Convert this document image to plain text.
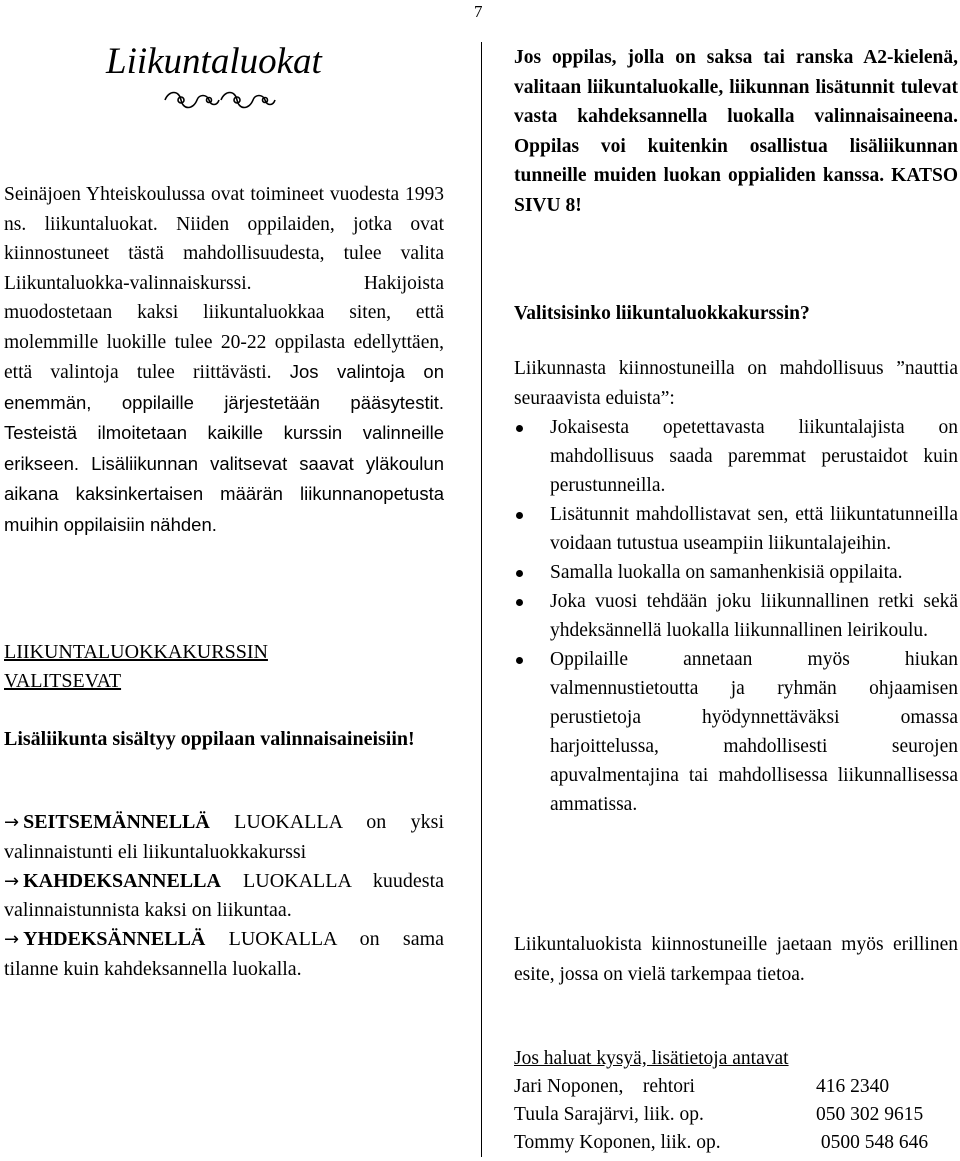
7
Liikuntaluokat

Seinäjoen Yhteiskoulussa ovat toimineet vuodesta 1993 ns. liikuntaluokat. Niiden oppilaiden, jotka ovat kiinnostuneet tästä mahdollisuudesta, tulee valita Liikuntaluokka-valinnaiskurssi. Hakijoista muodostetaan kaksi liikuntaluokkaa siten, että molemmille luokille tulee 20-22 oppilasta edellyttäen, että valintoja tulee riittävästi. Jos valintoja on enemmän, oppilaille järjestetään pääsytestit. Testeistä ilmoitetaan kaikille kurssin valinneille erikseen. Lisäliikunnan valitsevat saavat yläkoulun aikana kaksinkertaisen määrän liikunnanopetusta muihin oppilaisiin nähden.

LIIKUNTALUOKKAKURSSIN VALITSEVAT

Lisäliikunta sisältyy oppilaan valinnaisaineisiin!

→ SEITSEMÄNNELLÄ LUOKALLA on yksi valinnaistunti eli liikuntaluokkakurssi

→ KAHDEKSANNELLA LUOKALLA kuudesta valinnaistunnista kaksi on liikuntaa.

→ YHDEKSÄNNELLÄ LUOKALLA on sama tilanne kuin kahdeksannella luokalla.

Jos oppilas, jolla on saksa tai ranska A2-kielenä, valitaan liikuntaluokalle, liikunnan lisätunnit tulevat vasta kahdeksannella luokalla valinnaisaineena. Oppilas voi kuitenkin osallistua lisäliikunnan tunneille muiden luokan oppialiden kanssa. KATSO SIVU 8!

Valitsisinko liikuntaluokkakurssin?

Liikunnasta kiinnostuneilla on mahdollisuus ”nauttia seuraavista eduista”:

Jokaisesta opetettavasta liikuntalajista on mahdollisuus saada paremmat perustaidot kuin perustunneilla.
Lisätunnit mahdollistavat sen, että liikuntatunneilla voidaan tutustua useampiin liikuntalajeihin.
Samalla luokalla on samanhenkisiä oppilaita.
Joka vuosi tehdään joku liikunnallinen retki sekä yhdeksännellä luokalla liikunnallinen leirikoulu.
Oppilaille annetaan myös hiukan valmennustietoutta ja ryhmän ohjaamisen perustietoja hyödynnettäväksi omassa harjoittelussa, mahdollisesti seurojen apuvalmentajina tai mahdollisessa liikunnallisessa ammatissa.

Liikuntaluokista kiinnostuneille jaetaan myös erillinen esite, jossa on vielä tarkempaa tietoa.

Jos haluat kysyä, lisätietoja antavat

Jari Noponen,    rehtori	416 2340
Tuula Sarajärvi, liik. op.	050 302 9615
Tommy Koponen, liik. op.	0500 548 646
